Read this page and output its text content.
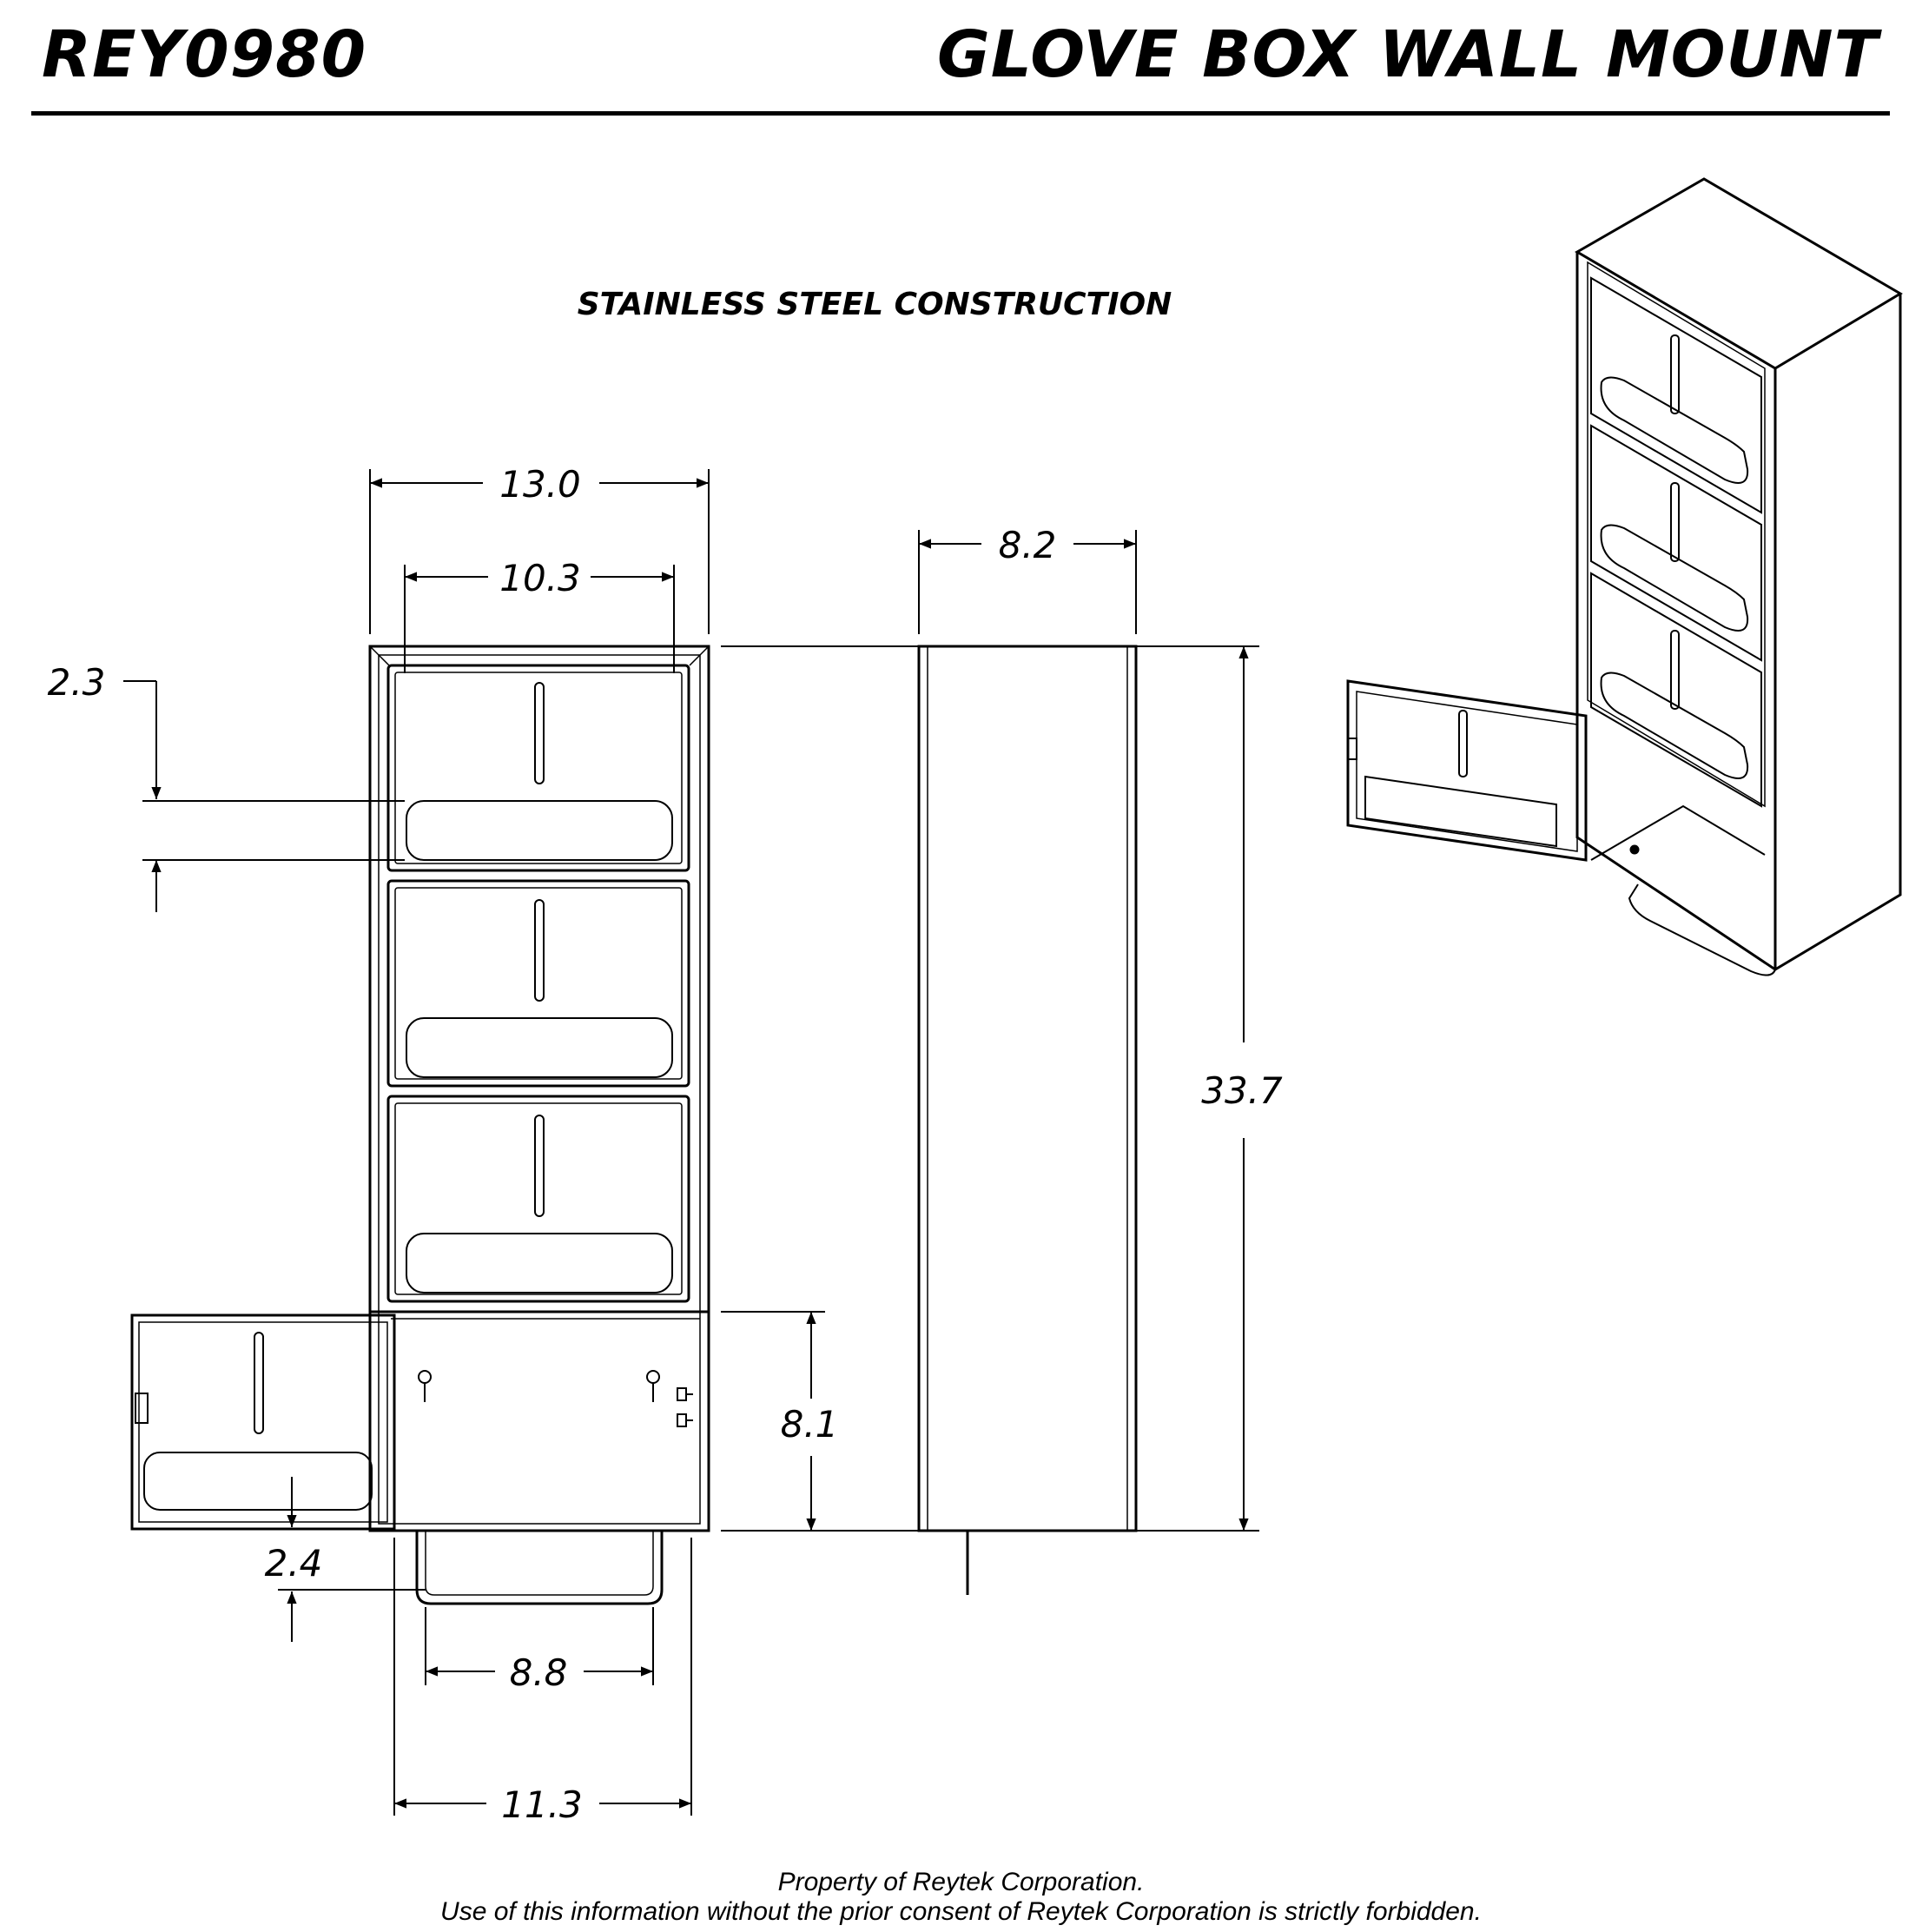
REY0980	GLOVE BOX WALL MOUNT
STAINLESS STEEL CONSTRUCTION
13.0
10.3
8.2
33.7
2.3
8.1
2.4
8.8
11.3
Property of Reytek Corporation.
Use of this information without the prior consent of Reytek Corporation is strictly forbidden.
